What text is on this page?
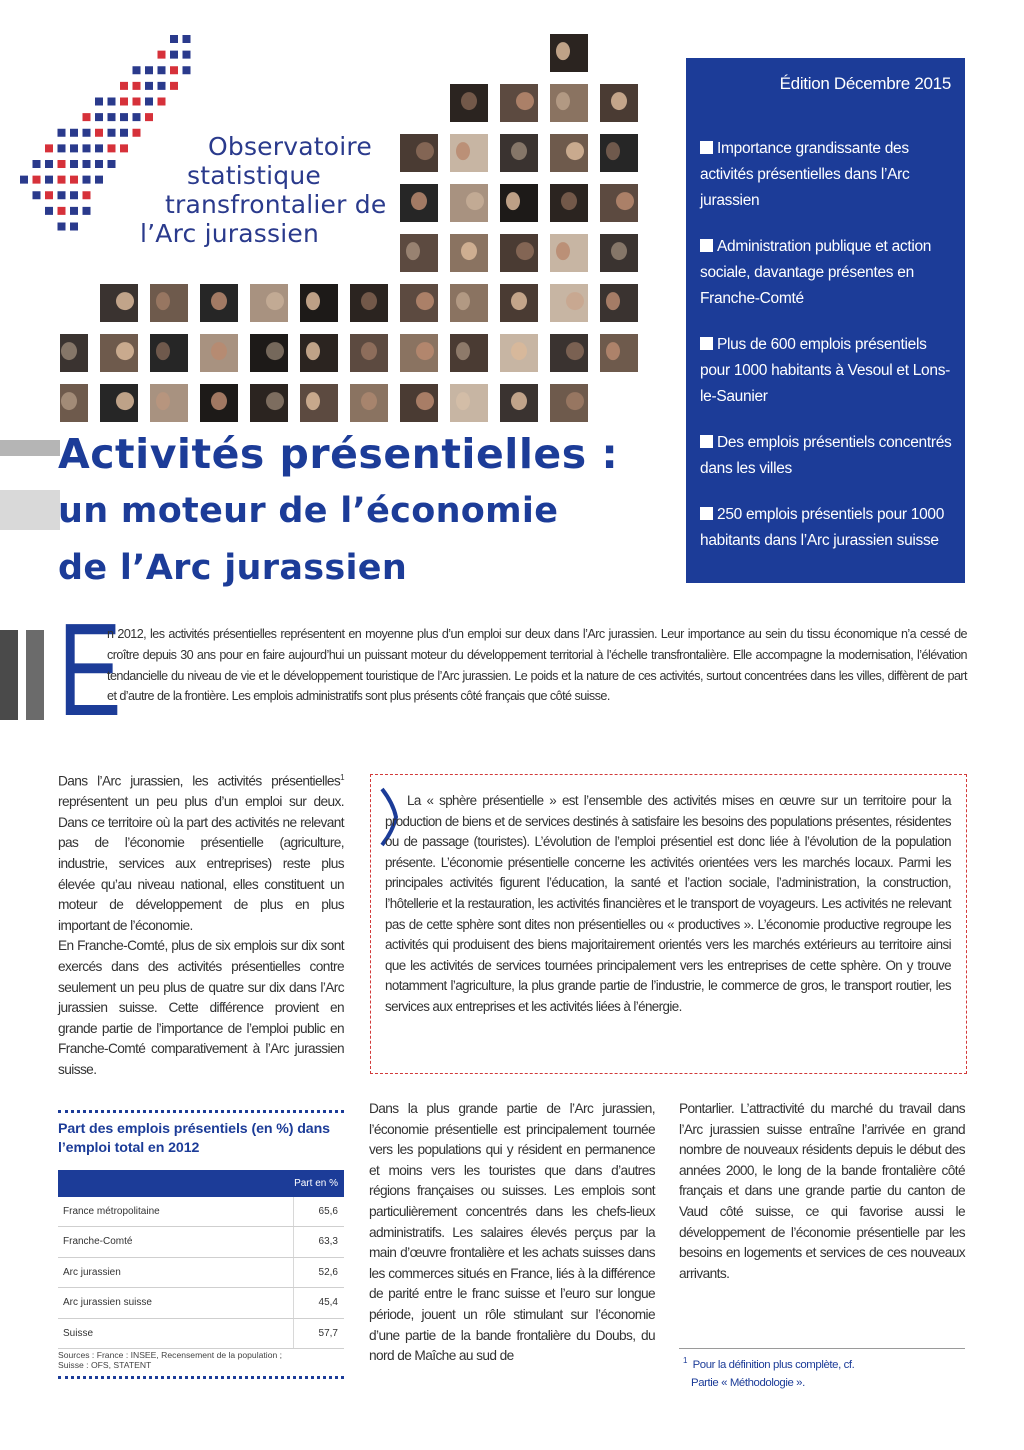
Observatoire
statistique
transfrontalier de
l’Arc jurassien
Édition Décembre 2015
Importance grandissante des activités présentielles dans l’Arc jurassien
Administration publique et action sociale, davantage présentes en Franche-Comté
Plus de 600 emplois présentiels pour 1000 habitants à Vesoul et Lons-le-Saunier
Des emplois présentiels concentrés dans les villes
250 emplois présentiels pour 1000 habitants dans l’Arc jurassien suisse
Activités présentielles :
un moteur de l’économie
de l’Arc jurassien
E
n 2012, les activités présentielles représentent en moyenne plus d’un emploi sur deux dans l’Arc jurassien. Leur importance au sein du tissu économique n’a cessé de croître depuis 30 ans pour en faire aujourd’hui un puissant moteur du développement territorial à l’échelle transfrontalière. Elle accompagne la modernisation, l’élévation tendancielle du niveau de vie et le développement touristique de l’Arc jurassien. Le poids et la nature de ces activités, surtout concentrées dans les villes, diffèrent de part et d’autre de la frontière. Les emplois administratifs sont plus présents côté français que côté suisse.

Dans l’Arc jurassien, les activités présentielles$^1$ représentent un peu plus d’un emploi sur deux. Dans ce territoire où la part des activités ne relevant pas de l’économie présentielle (agriculture, industrie, services aux entreprises) reste plus élevée qu’au niveau national, elles constituent un moteur de développement de plus en plus important de l’économie.

En Franche-Comté, plus de six emplois sur dix sont exercés dans des activités présentielles contre seulement un peu plus de quatre sur dix dans l’Arc jurassien suisse. Cette différence provient en grande partie de l’importance de l’emploi public en Franche-Comté comparativement à l’Arc jurassien suisse.

La « sphère présentielle » est l’ensemble des activités mises en œuvre sur un territoire pour la production de biens et de services destinés à satisfaire les besoins des populations présentes, résidentes ou de passage (touristes). L’évolution de l’emploi présentiel est donc liée à l’évolution de la population présente. L’économie présentielle concerne les activités orientées vers les marchés locaux. Parmi les principales activités figurent l’éducation, la santé et l’action sociale, l’administration, la construction, l’hôtellerie et la restauration, les activités financières et le transport de voyageurs. Les activités ne relevant pas de cette sphère sont dites non présentielles ou « productives ». L’économie productive regroupe les activités qui produisent des biens majoritairement orientés vers les marchés extérieurs au territoire ainsi que les activités de services tournées principalement vers les entreprises de cette sphère. On y trouve notamment l’agriculture, la plus grande partie de l’industrie, le commerce de gros, le transport routier, les services aux entreprises et les activités liées à l’énergie.
Part des emplois présentiels (en %) dans l’emploi total en 2012
Part en %
France métropolitaine	65,6
Franche-Comté	63,3
Arc jurassien	52,6
Arc jurassien suisse	45,4
Suisse	57,7
Sources : France : INSEE, Recensement de la population ;
Suisse : OFS, STATENT

Dans la plus grande partie de l’Arc jurassien, l’économie présentielle est principalement tournée vers les populations qui y résident en permanence et moins vers les touristes que dans d’autres régions françaises ou suisses. Les emplois sont particulièrement concentrés dans les chefs-lieux administratifs. Les salaires élevés perçus par la main d’œuvre frontalière et les achats suisses dans les commerces situés en France, liés à la différence de parité entre le franc suisse et l’euro sur longue période, jouent un rôle stimulant sur l’économie d’une partie de la bande frontalière du Doubs, du nord de Maîche au sud de

Pontarlier. L’attractivité du marché du travail dans l’Arc jurassien suisse entraîne l’arrivée en grand nombre de nouveaux résidents depuis le début des années 2000, le long de la bande frontalière côté français et dans une grande partie du canton de Vaud côté suisse, ce qui favorise aussi le développement de l’économie présentielle par les besoins en logements et services de ces nouveaux arrivants.

$^1$ Pour la définition plus complète, cf.
Partie « Méthodologie ».
